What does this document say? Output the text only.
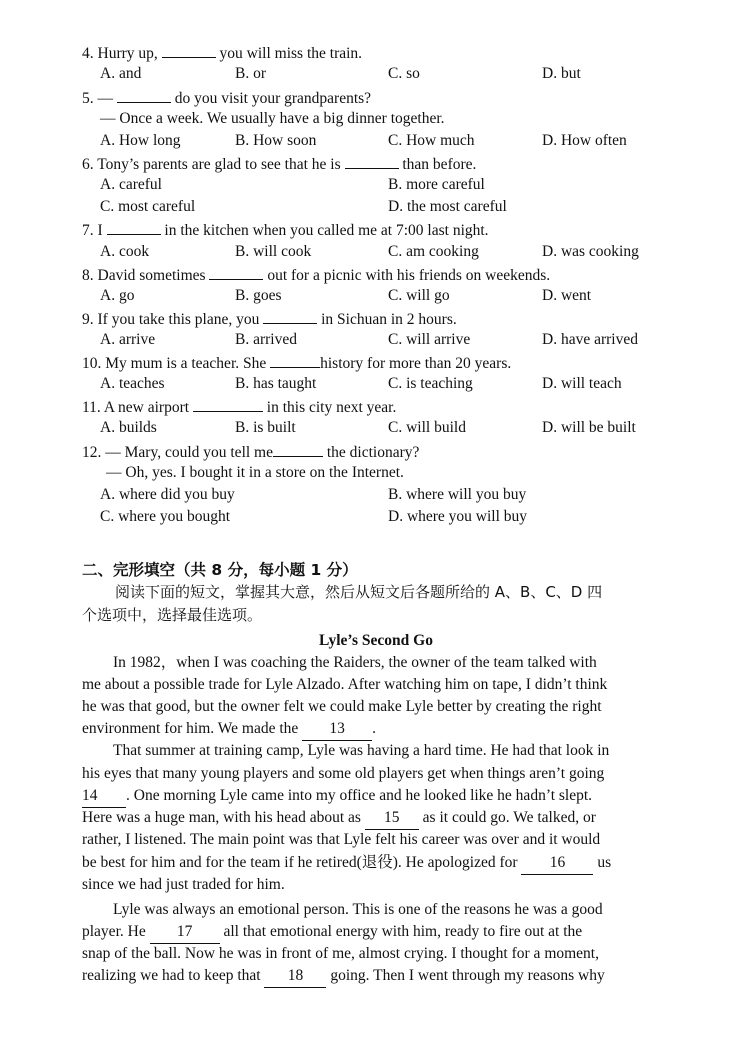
4. Hurry up,	you will miss the train.
A. and	B. or	C. so	D. but
5. —	do you visit your grandparents?
— Once a week. We usually have a big dinner together.
A. How long	B. How soon	C. How much	D. How often
6. Tony’s parents are glad to see that he is	than before.
A. careful	B. more careful
C. most careful	D. the most careful
7. I	in the kitchen when you called me at 7:00 last night.
A. cook	B. will cook	C. am cooking	D. was cooking
8. David sometimes	out for a picnic with his friends on weekends.
A. go	B. goes	C. will go	D. went
9. If you take this plane, you	in Sichuan in 2 hours.
A. arrive	B. arrived	C. will arrive	D. have arrived
10. My mum is a teacher. She	history for more than 20 years.
A. teaches	B. has taught	C. is teaching	D. will teach
11. A new airport	in this city next year.
A. builds	B. is built	C. will build	D. will be built
12. — Mary, could you tell me	the dictionary?
— Oh, yes. I bought it in a store on the Internet.
A. where did you buy	B. where will you buy
C. where you bought	D. where you will buy
二、完形填空（共 8 分，每小题 1 分）
阅读下面的短文，掌握其大意，然后从短文后各题所给的 A、B、C、D 四
个选项中，选择最佳选项。
Lyle’s Second Go
In 1982，when I was coaching the Raiders, the owner of the team talked with
me about a possible trade for Lyle Alzado. After watching him on tape, I didn’t think
he was that good, but the owner felt we could make Lyle better by creating the right
environment for him. We made the 13 .
That summer at training camp, Lyle was having a hard time. He had that look in
his eyes that many young players and some old players get when things aren’t going
14 . One morning Lyle came into my office and he looked like he hadn’t slept.
Here was a huge man, with his head about as 15 as it could go. We talked, or
rather, I listened. The main point was that Lyle felt his career was over and it would
be best for him and for the team if he retired(退役). He apologized for 16 us
since we had just traded for him.
Lyle was always an emotional person. This is one of the reasons he was a good
player. He 17 all that emotional energy with him, ready to fire out at the
snap of the ball. Now he was in front of me, almost crying. I thought for a moment,
realizing we had to keep that 18 going. Then I went through my reasons why
